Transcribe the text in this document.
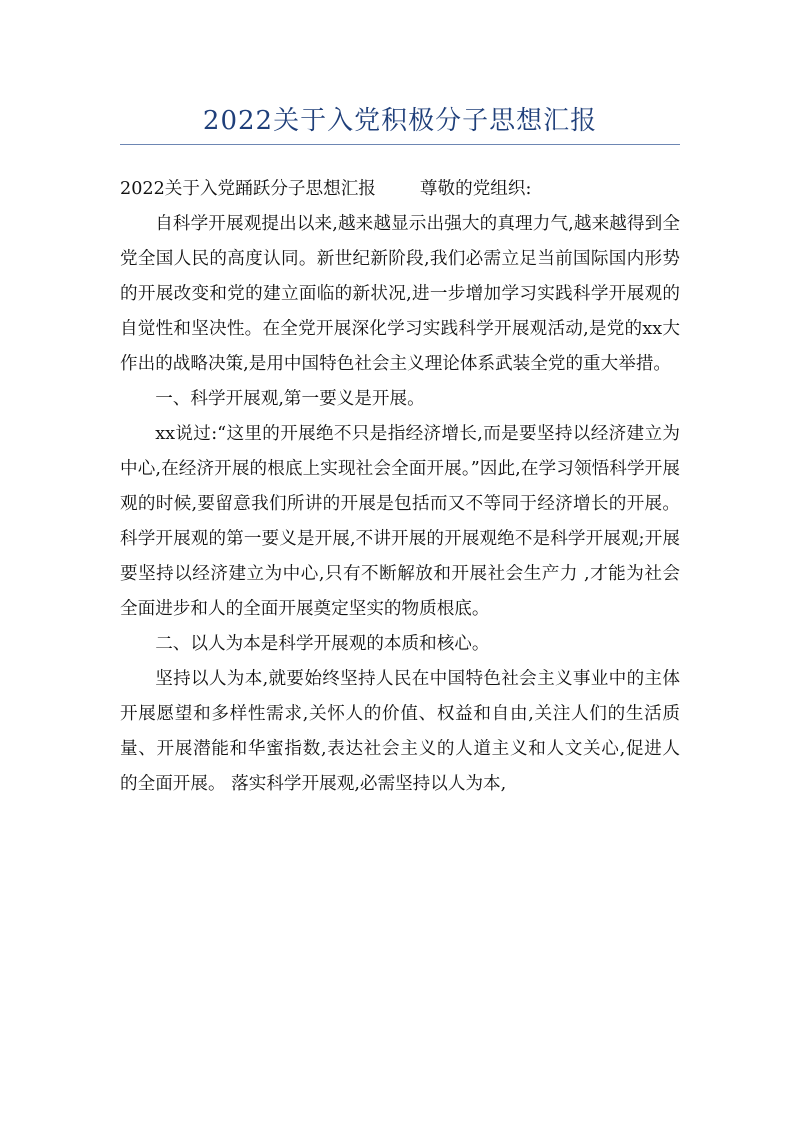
2022关于入党积极分子思想汇报

2022关于入党踊跃分子思想汇报	尊敬的党组织:

自科学开展观提出以来,越来越显示出强大的真理力气,越来越得到全党全国人民的高度认同。新世纪新阶段,我们必需立足当前国际国内形势的开展改变和党的建立面临的新状况,进一步增加学习实践科学开展观的自觉性和坚决性。在全党开展深化学习实践科学开展观活动,是党的xx大作出的战略决策,是用中国特色社会主义理论体系武装全党的重大举措。

一、科学开展观,第一要义是开展。

xx说过:“这里的开展绝不只是指经济增长,而是要坚持以经济建立为中心,在经济开展的根底上实现社会全面开展。”因此,在学习领悟科学开展观的时候,要留意我们所讲的开展是包括而又不等同于经济增长的开展。科学开展观的第一要义是开展,不讲开展的开展观绝不是科学开展观;开展要坚持以经济建立为中心,只有不断解放和开展社会生产力 ,才能为社会全面进步和人的全面开展奠定坚实的物质根底。

二、以人为本是科学开展观的本质和核心。

坚持以人为本,就要始终坚持人民在中国特色社会主义事业中的主体开展愿望和多样性需求,关怀人的价值、权益和自由,关注人们的生活质量、开展潜能和华蜜指数,表达社会主义的人道主义和人文关心,促进人 的全面开展。 落实科学开展观,必需坚持以人为本,
